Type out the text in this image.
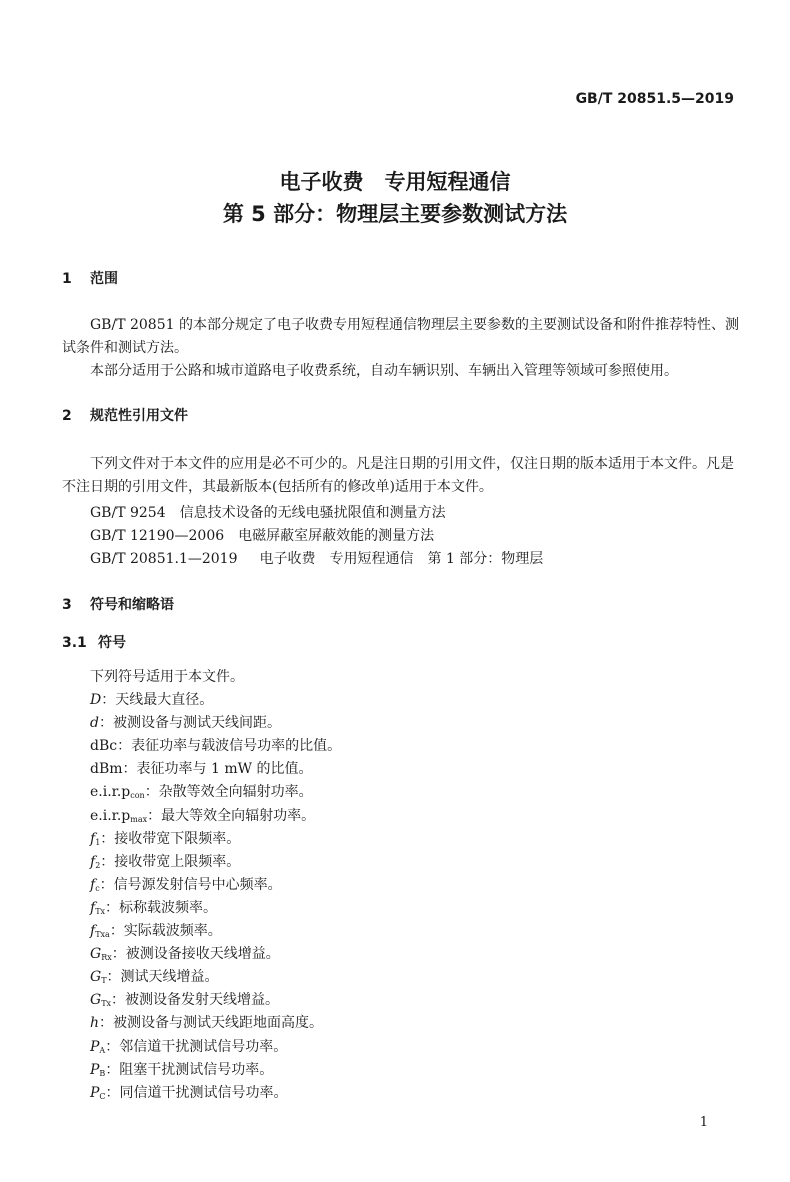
GB/T 20851.5—2019
电子收费　专用短程通信
第 5 部分：物理层主要参数测试方法
1 范围
GB/T 20851 的本部分规定了电子收费专用短程通信物理层主要参数的主要测试设备和附件推荐特性、测试条件和测试方法。
本部分适用于公路和城市道路电子收费系统，自动车辆识别、车辆出入管理等领域可参照使用。
2 规范性引用文件
下列文件对于本文件的应用是必不可少的。凡是注日期的引用文件，仅注日期的版本适用于本文件。凡是不注日期的引用文件，其最新版本(包括所有的修改单)适用于本文件。
GB/T 9254 信息技术设备的无线电骚扰限值和测量方法
GB/T 12190—2006 电磁屏蔽室屏蔽效能的测量方法
GB/T 20851.1—2019 电子收费　专用短程通信　第 1 部分：物理层
3 符号和缩略语
3.1 符号
下列符号适用于本文件。
D：天线最大直径。
d：被测设备与测试天线间距。
dBc：表征功率与载波信号功率的比值。
dBm：表征功率与 1 mW 的比值。
$e.i.r.p_{con}$：杂散等效全向辐射功率。
$e.i.r.p_{max}$：最大等效全向辐射功率。
$f_1$：接收带宽下限频率。
$f_2$：接收带宽上限频率。
$f_c$：信号源发射信号中心频率。
$f_{Tx}$：标称载波频率。
$f_{Txa}$：实际载波频率。
$G_{Rx}$：被测设备接收天线增益。
$G_T$：测试天线增益。
$G_{Tx}$：被测设备发射天线增益。
h：被测设备与测试天线距地面高度。
$P_A$：邻信道干扰测试信号功率。
$P_B$：阻塞干扰测试信号功率。
$P_C$：同信道干扰测试信号功率。
1
